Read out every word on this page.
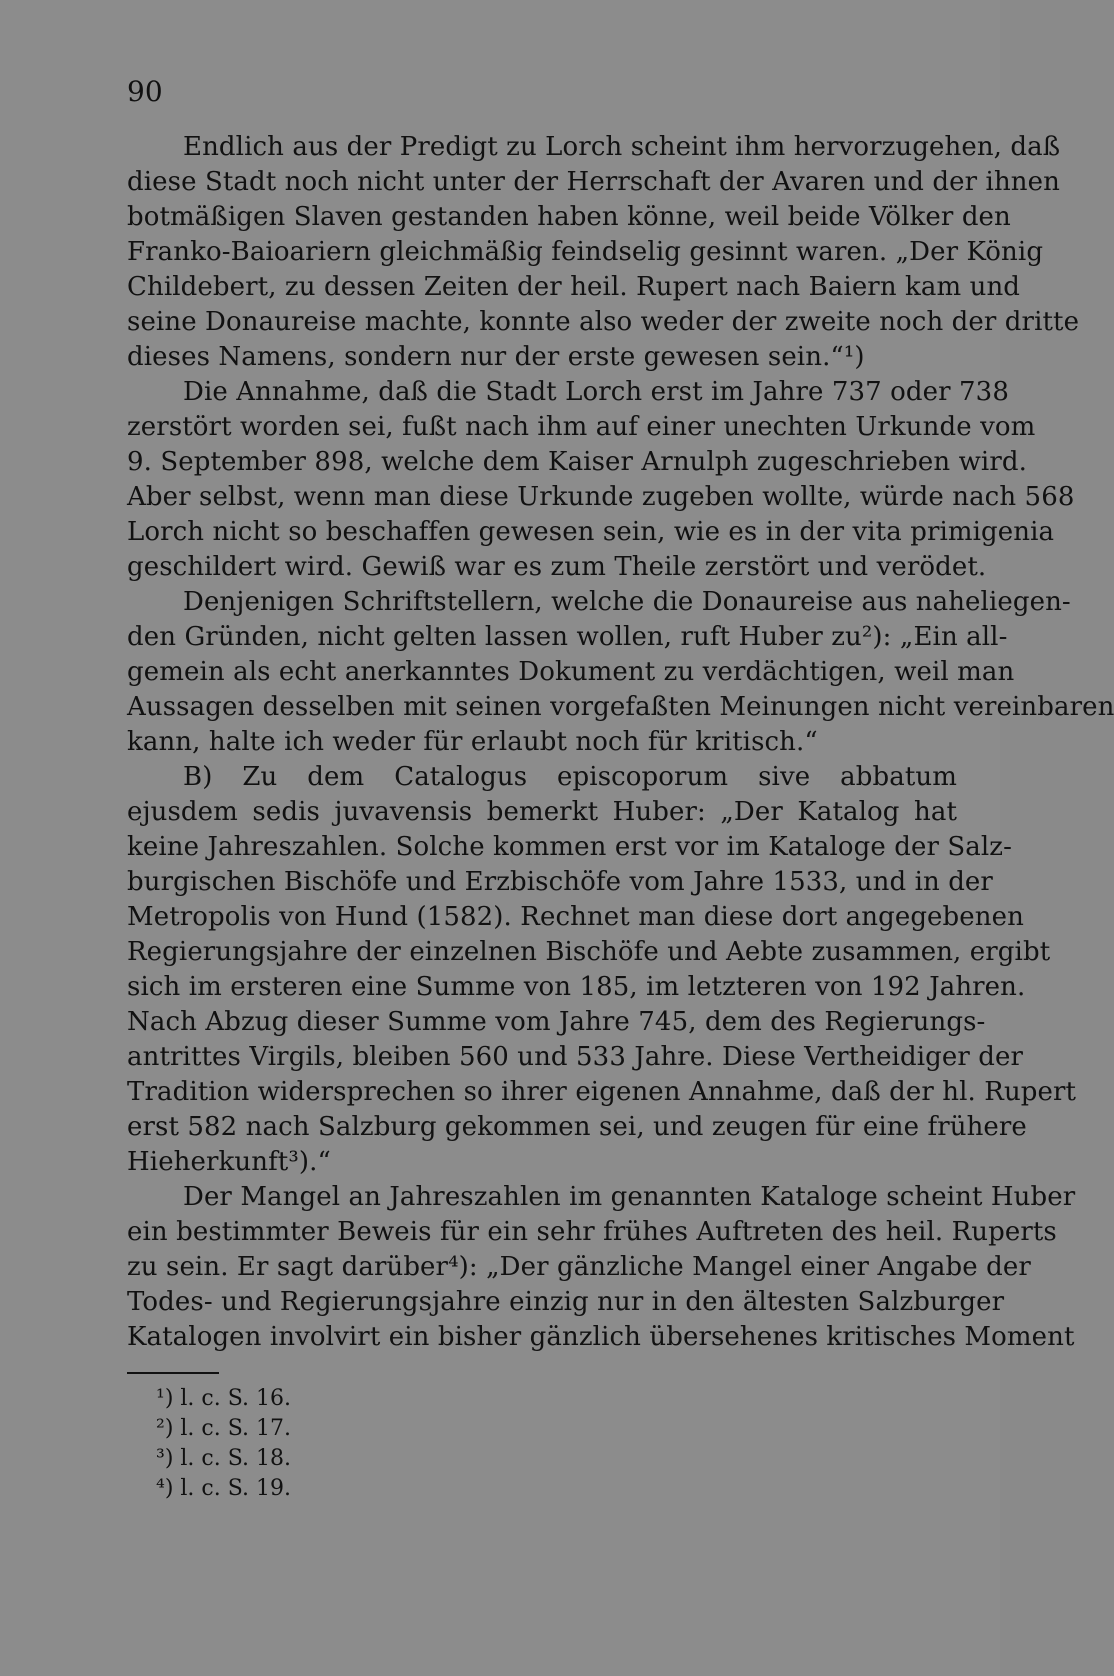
90
Endlich aus der Predigt zu Lorch scheint ihm hervorzugehen, daß
diese Stadt noch nicht unter der Herrschaft der Avaren und der ihnen
botmäßigen Slaven gestanden haben könne, weil beide Völker den
Franko-Baioariern gleichmäßig feindselig gesinnt waren. „Der König
Childebert, zu dessen Zeiten der heil. Rupert nach Baiern kam und
seine Donaureise machte, konnte also weder der zweite noch der dritte
dieses Namens, sondern nur der erste gewesen sein.“¹)
Die Annahme, daß die Stadt Lorch erst im Jahre 737 oder 738
zerstört worden sei, fußt nach ihm auf einer unechten Urkunde vom
9. September 898, welche dem Kaiser Arnulph zugeschrieben wird.
Aber selbst, wenn man diese Urkunde zugeben wollte, würde nach 568
Lorch nicht so beschaffen gewesen sein, wie es in der vita primigenia
geschildert wird. Gewiß war es zum Theile zerstört und verödet.
Denjenigen Schriftstellern, welche die Donaureise aus naheliegen-
den Gründen, nicht gelten lassen wollen, ruft Huber zu²): „Ein all-
gemein als echt anerkanntes Dokument zu verdächtigen, weil man
Aussagen desselben mit seinen vorgefaßten Meinungen nicht vereinbaren
kann, halte ich weder für erlaubt noch für kritisch.“
B) Zu dem Catalogus episcoporum sive abbatum
ejusdem sedis juvavensis bemerkt Huber: „Der Katalog hat
keine Jahreszahlen. Solche kommen erst vor im Kataloge der Salz-
burgischen Bischöfe und Erzbischöfe vom Jahre 1533, und in der
Metropolis von Hund (1582). Rechnet man diese dort angegebenen
Regierungsjahre der einzelnen Bischöfe und Aebte zusammen, ergibt
sich im ersteren eine Summe von 185, im letzteren von 192 Jahren.
Nach Abzug dieser Summe vom Jahre 745, dem des Regierungs-
antrittes Virgils, bleiben 560 und 533 Jahre. Diese Vertheidiger der
Tradition widersprechen so ihrer eigenen Annahme, daß der hl. Rupert
erst 582 nach Salzburg gekommen sei, und zeugen für eine frühere
Hieherkunft³).“
Der Mangel an Jahreszahlen im genannten Kataloge scheint Huber
ein bestimmter Beweis für ein sehr frühes Auftreten des heil. Ruperts
zu sein. Er sagt darüber⁴): „Der gänzliche Mangel einer Angabe der
Todes- und Regierungsjahre einzig nur in den ältesten Salzburger
Katalogen involvirt ein bisher gänzlich übersehenes kritisches Moment
¹) l. c. S. 16.
²) l. c. S. 17.
³) l. c. S. 18.
⁴) l. c. S. 19.
